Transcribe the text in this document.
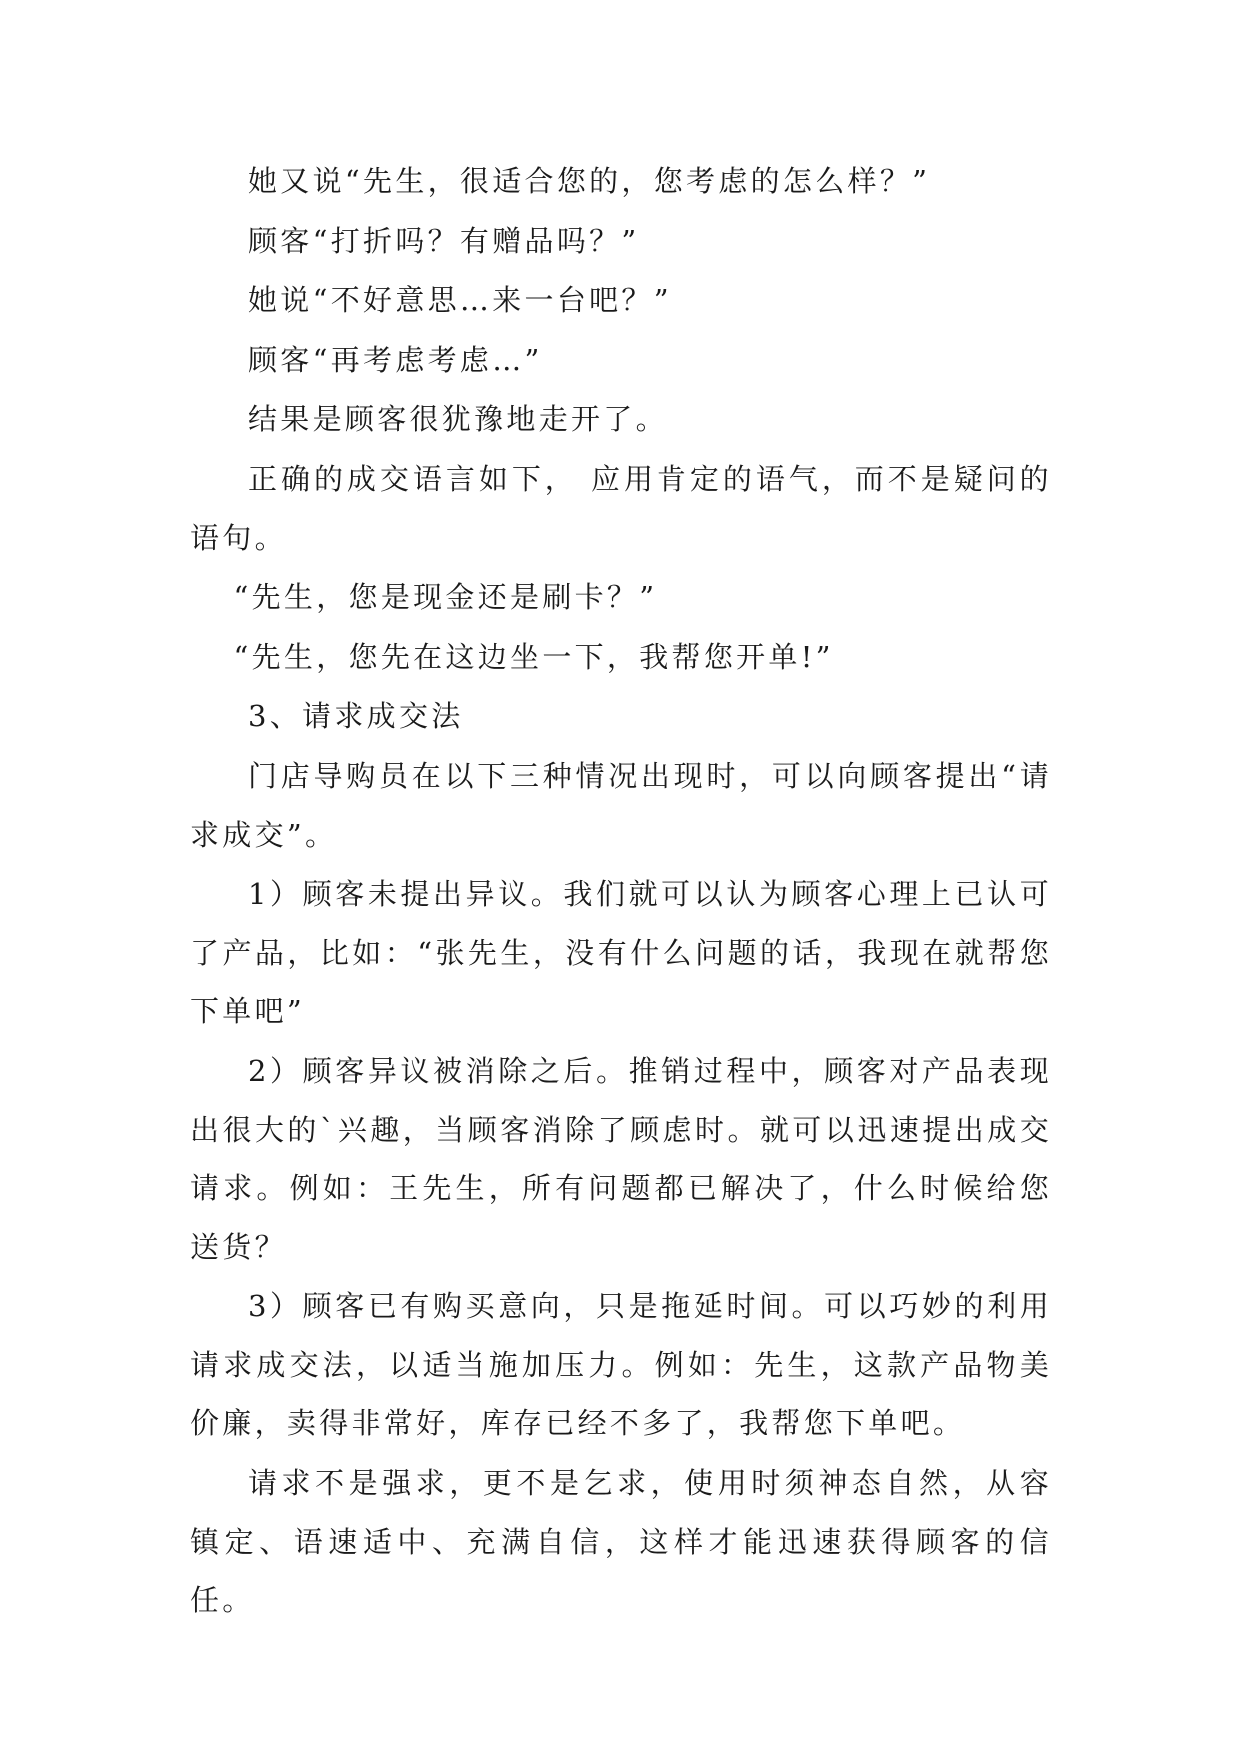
她又说“先生，很适合您的，您考虑的怎么样？”

顾客“打折吗？有赠品吗？”

她说“不好意思…来一台吧？”

顾客“再考虑考虑…”

结果是顾客很犹豫地走开了。

正确的成交语言如下， 应用肯定的语气，而不是疑问的语句。

“先生，您是现金还是刷卡？”

“先生，您先在这边坐一下，我帮您开单!”

3、请求成交法

门店导购员在以下三种情况出现时，可以向顾客提出“请求成交”。

1）顾客未提出异议。我们就可以认为顾客心理上已认可了产品，比如：“张先生，没有什么问题的话，我现在就帮您下单吧”

2）顾客异议被消除之后。推销过程中，顾客对产品表现出很大的`兴趣，当顾客消除了顾虑时。就可以迅速提出成交请求。例如：王先生，所有问题都已解决了，什么时候给您送货？

3）顾客已有购买意向，只是拖延时间。可以巧妙的利用请求成交法，以适当施加压力。例如：先生，这款产品物美价廉，卖得非常好，库存已经不多了，我帮您下单吧。

请求不是强求，更不是乞求，使用时须神态自然，从容镇定、语速适中、充满自信，这样才能迅速获得顾客的信任。
